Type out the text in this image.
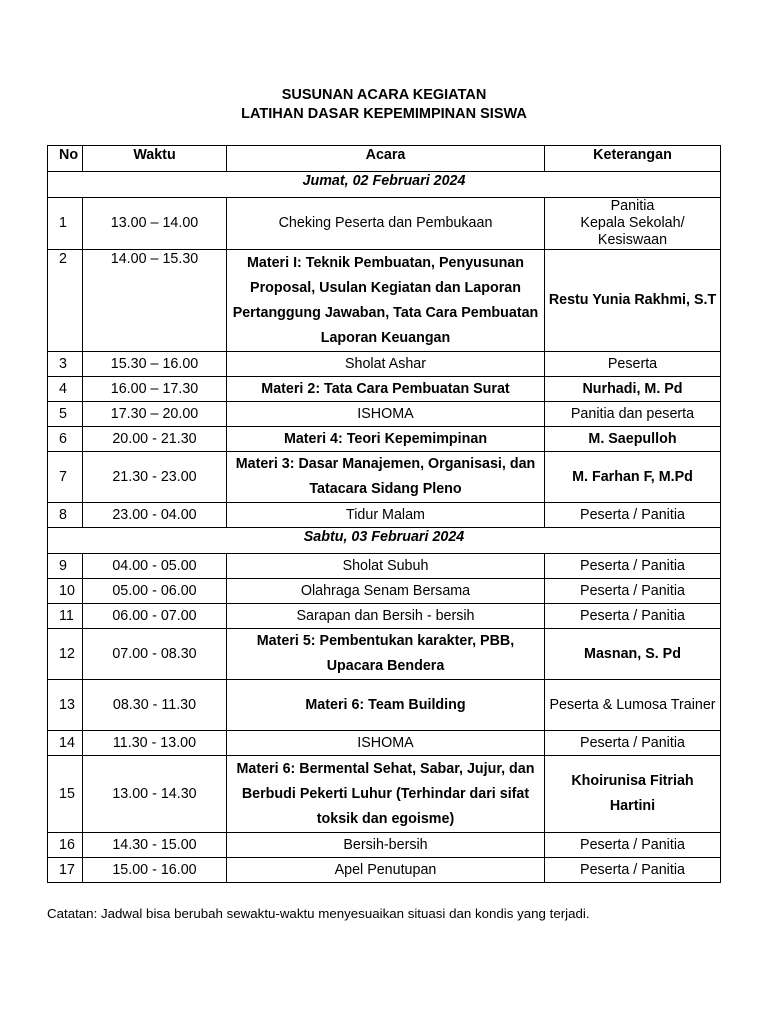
SUSUNAN ACARA KEGIATAN
LATIHAN DASAR KEPEMIMPINAN SISWA
No	Waktu	Acara	Keterangan
Jumat, 02 Februari 2024			
1	13.00 – 14.00	Cheking Peserta dan Pembukaan	Panitia
Kepala Sekolah/
Kesiswaan
2	14.00 – 15.30	Materi I: Teknik Pembuatan, Penyusunan Proposal, Usulan Kegiatan dan Laporan Pertanggung Jawaban, Tata Cara Pembuatan Laporan Keuangan	Restu Yunia Rakhmi, S.T
3	15.30 – 16.00	Sholat Ashar	Peserta
4	16.00 – 17.30	Materi 2: Tata Cara Pembuatan Surat	Nurhadi, M. Pd
5	17.30 – 20.00	ISHOMA	Panitia dan peserta
6	20.00 - 21.30	Materi 4: Teori Kepemimpinan	M. Saepulloh
7	21.30 - 23.00	Materi 3: Dasar Manajemen, Organisasi, dan Tatacara Sidang Pleno	M. Farhan F, M.Pd
8	23.00 - 04.00	Tidur Malam	Peserta / Panitia
Sabtu, 03 Februari 2024			
9	04.00 - 05.00	Sholat Subuh	Peserta / Panitia
10	05.00 - 06.00	Olahraga Senam Bersama	Peserta / Panitia
11	06.00 - 07.00	Sarapan dan Bersih - bersih	Peserta / Panitia
12	07.00 - 08.30	Materi 5: Pembentukan karakter, PBB, Upacara Bendera	Masnan, S. Pd
13	08.30 - 11.30	Materi 6: Team Building	Peserta & Lumosa Trainer
14	11.30 - 13.00	ISHOMA	Peserta / Panitia
15	13.00 - 14.30	Materi 6: Bermental Sehat, Sabar, Jujur, dan Berbudi Pekerti Luhur (Terhindar dari sifat toksik dan egoisme)	Khoirunisa Fitriah Hartini
16	14.30 - 15.00	Bersih-bersih	Peserta / Panitia
17	15.00 - 16.00	Apel Penutupan	Peserta / Panitia
Catatan: Jadwal bisa berubah sewaktu-waktu menyesuaikan situasi dan kondis yang terjadi.
